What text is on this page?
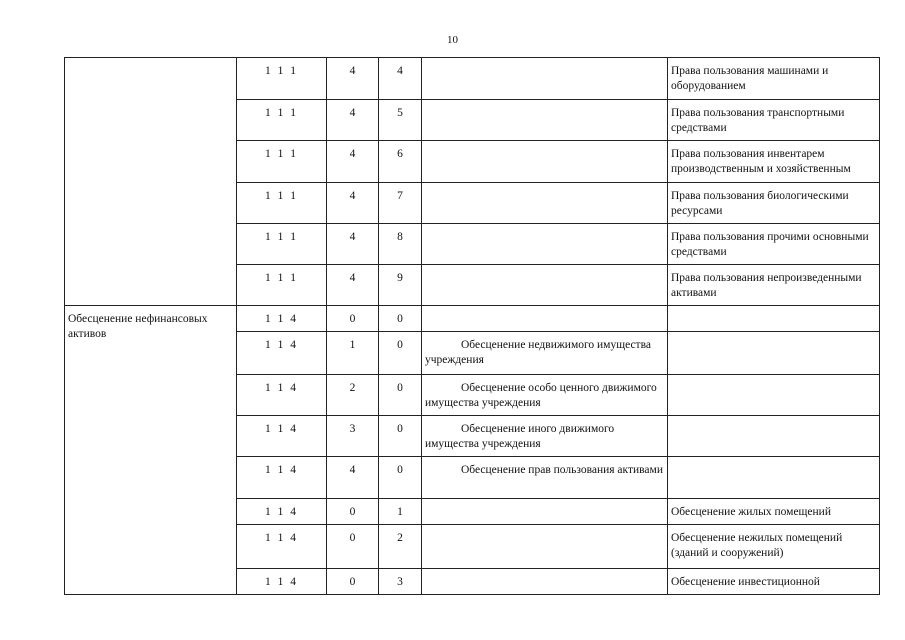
10
	1 1 1	4	4		Права пользования машинами и оборудованием
	1 1 1	4	5		Права пользования транспортными средствами
	1 1 1	4	6		Права пользования инвентарем производственным и хозяйственным
	1 1 1	4	7		Права пользования биологическими ресурсами
	1 1 1	4	8		Права пользования прочими основными средствами
	1 1 1	4	9		Права пользования непроизведенными активами
Обесценение нефинансовых активов	1 1 4	0	0		
	1 1 4	1	0	Обесценение недвижимого имущества учреждения	
	1 1 4	2	0	Обесценение особо ценного движимого имущества учреждения	
	1 1 4	3	0	Обесценение иного движимого имущества учреждения	
	1 1 4	4	0	Обесценение прав пользования активами	
	1 1 4	0	1		Обесценение жилых помещений
	1 1 4	0	2		Обесценение нежилых помещений (зданий и сооружений)
	1 1 4	0	3		Обесценение инвестиционной
